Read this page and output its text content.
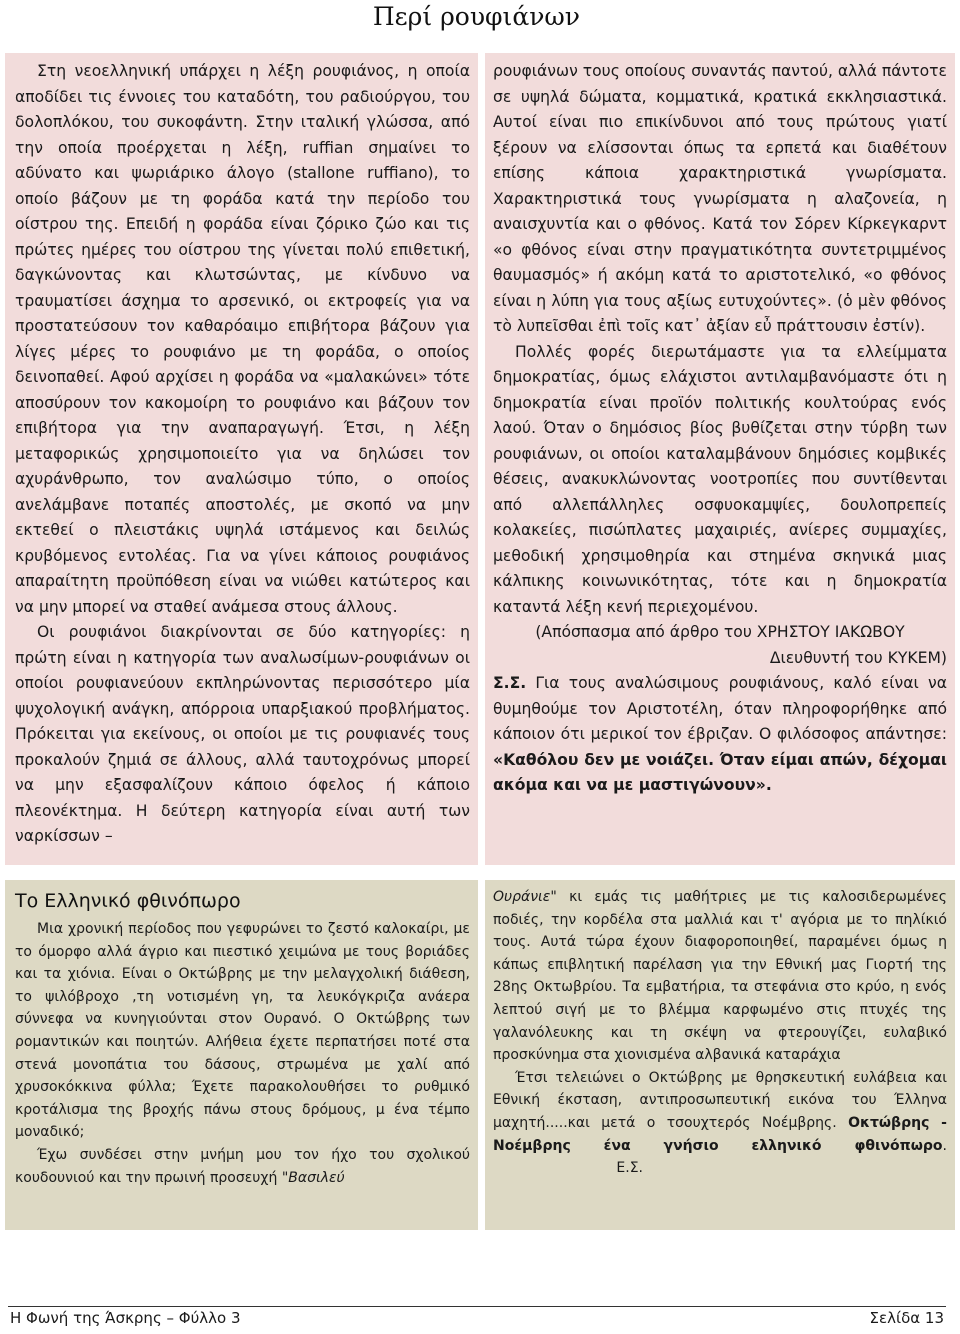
Περί ρουφιάνων

Στη νεοελληνική υπάρχει η λέξη ρουφιάνος, η οποία αποδίδει τις έννοιες του καταδότη, του ραδιούργου, του δολοπλόκου, του συκοφάντη. Στην ιταλική γλώσσα, από την οποία προέρχεται η λέξη, ruffian σημαίνει το αδύνατο και ψωριάρικο άλογο (stallone ruffiano), το οποίο βάζουν με τη φοράδα κατά την περίοδο του οίστρου της. Επειδή η φοράδα είναι ζόρικο ζώο και τις πρώτες ημέρες του οίστρου της γίνεται πολύ επιθετική, δαγκώνοντας και κλωτσώντας, με κίνδυνο να τραυματίσει άσχημα το αρσενικό, οι εκτροφείς για να προστατεύσουν τον καθαρόαιμο επιβήτορα βάζουν για λίγες μέρες το ρουφιάνο με τη φοράδα, ο οποίος δεινοπαθεί. Αφού αρχίσει η φοράδα να «μαλακώνει» τότε αποσύρουν τον κακομοίρη το ρουφιάνο και βάζουν τον επιβήτορα για την αναπαραγωγή. Έτσι, η λέξη μεταφορικώς χρησιμοποιείτο για να δηλώσει τον αχυράνθρωπο, τον αναλώσιμο τύπο, ο οποίος ανελάμβανε ποταπές αποστολές, με σκοπό να μην εκτεθεί ο πλειστάκις υψηλά ιστάμενος και δειλώς κρυβόμενος εντολέας. Για να γίνει κάποιος ρουφιάνος απαραίτητη προϋπόθεση είναι να νιώθει κατώτερος και να μην μπορεί να σταθεί ανάμεσα στους άλλους.

Οι ρουφιάνοι διακρίνονται σε δύο κατηγορίες: η πρώτη είναι η κατηγορία των αναλωσίμων-ρουφιάνων οι οποίοι ρουφιανεύουν εκπληρώνοντας περισσότερο μία ψυχολογική ανάγκη, απόρροια υπαρξιακού προβλήματος. Πρόκειται για εκείνους, οι οποίοι με τις ρουφιανές τους προκαλούν ζημιά σε άλλους, αλλά ταυτοχρόνως μπορεί να μην εξασφαλίζουν κάποιο όφελος ή κάποιο πλεονέκτημα. Η δεύτερη κατηγορία είναι αυτή των ναρκίσσων –

ρουφιάνων τους οποίους συναντάς παντού, αλλά πάντοτε σε υψηλά δώματα, κομματικά, κρατικά εκκλησιαστικά. Αυτοί είναι πιο επικίνδυνοι από τους πρώτους γιατί ξέρουν να ελίσσονται όπως τα ερπετά και διαθέτουν επίσης κάποια χαρακτηριστικά γνωρίσματα. Χαρακτηριστικά τους γνωρίσματα η αλαζονεία, η αναισχυντία και ο φθόνος. Κατά τον Σόρεν Κίρκεγκαρντ «ο φθόνος είναι στην πραγματικότητα συντετριμμένος θαυμασμός» ή ακόμη κατά το αριστοτελικό, «ο φθόνος είναι η λύπη για τους αξίως ευτυχούντες». (ὁ μὲν φθόνος τὸ λυπεῖσθαι ἐπὶ τοῖς κατ᾽ ἀξίαν εὖ πράττουσιν ἐστίν).

Πολλές φορές διερωτάμαστε για τα ελλείμματα δημοκρατίας, όμως ελάχιστοι αντιλαμβανόμαστε ότι η δημοκρατία είναι προϊόν πολιτικής κουλτούρας ενός λαού. Όταν ο δημόσιος βίος βυθίζεται στην τύρβη των ρουφιάνων, οι οποίοι καταλαμβάνουν δημόσιες κομβικές θέσεις, ανακυκλώνοντας νοοτροπίες που συντίθενται από αλλεπάλληλες οσφυοκαμψίες, δουλοπρεπείς κολακείες, πισώπλατες μαχαιριές, ανίερες συμμαχίες, μεθοδική χρησιμοθηρία και στημένα σκηνικά μιας κάλπικης κοινωνικότητας, τότε και η δημοκρατία καταντά λέξη κενή περιεχομένου.

(Απόσπασμα από άρθρο του ΧΡΗΣΤΟΥ ΙΑΚΩΒΟΥ

Διευθυντή του ΚΥΚΕΜ)

Σ.Σ. Για τους αναλώσιμους ρουφιάνους, καλό είναι να θυμηθούμε τον Αριστοτέλη, όταν πληροφορήθηκε από κάποιον ότι μερικοί τον έβριζαν. Ο φιλόσοφος απάντησε: «Καθόλου δεν με νοιάζει. Όταν είμαι απών, δέχομαι ακόμα και να με μαστιγώνουν».

Το Ελληνικό φθινόπωρο

Μια χρονική περίοδος που γεφυρώνει το ζεστό καλοκαίρι, με το όμορφο αλλά άγριο και πιεστικό χειμώνα με τους βοριάδες και τα χιόνια. Είναι ο Οκτώβρης με την μελαγχολική διάθεση, το ψιλόβροχο ,τη νοτισμένη γη, τα λευκόγκριζα ανάερα σύννεφα να κυνηγιούνται στον Ουρανό. Ο Οκτώβρης των ρομαντικών και ποιητών. Αλήθεια έχετε περπατήσει ποτέ στα στενά μονοπάτια του δάσους, στρωμένα με χαλί από χρυσοκόκκινα φύλλα; Έχετε παρακολουθήσει το ρυθμικό κροτάλισμα της βροχής πάνω στους δρόμους, μ ένα τέμπο μοναδικό;

Έχω συνδέσει στην μνήμη μου τον ήχο του σχολικού κουδουνιού και την πρωινή προσευχή "Βασιλεύ

Ουράνιε" κι εμάς τις μαθήτριες με τις καλοσιδερωμένες ποδιές, την κορδέλα στα μαλλιά και τ' αγόρια με το πηλίκιό τους. Αυτά τώρα έχουν διαφοροποιηθεί, παραμένει όμως η κάπως επιβλητική παρέλαση για την Εθνική μας Γιορτή της 28ης Οκτωβρίου. Τα εμβατήρια, τα στεφάνια στο κρύο, η ενός λεπτού σιγή με το βλέμμα καρφωμένο στις πτυχές της γαλανόλευκης και τη σκέψη να φτερουγίζει, ευλαβικό προσκύνημα στα χιονισμένα αλβανικά καταράχια

Έτσι τελειώνει ο Οκτώβρης με θρησκευτική ευλάβεια και Εθνική έκσταση, αντιπροσωπευτική εικόνα του Έλληνα μαχητή.....και μετά ο τσουχτερός Νοέμβρης. Οκτώβρης - Νοέμβρης ένα γνήσιο ελληνικό φθινόπωρο.Ε.Σ.

Η Φωνή της Άσκρης – Φύλλο 3	Σελίδα 13
